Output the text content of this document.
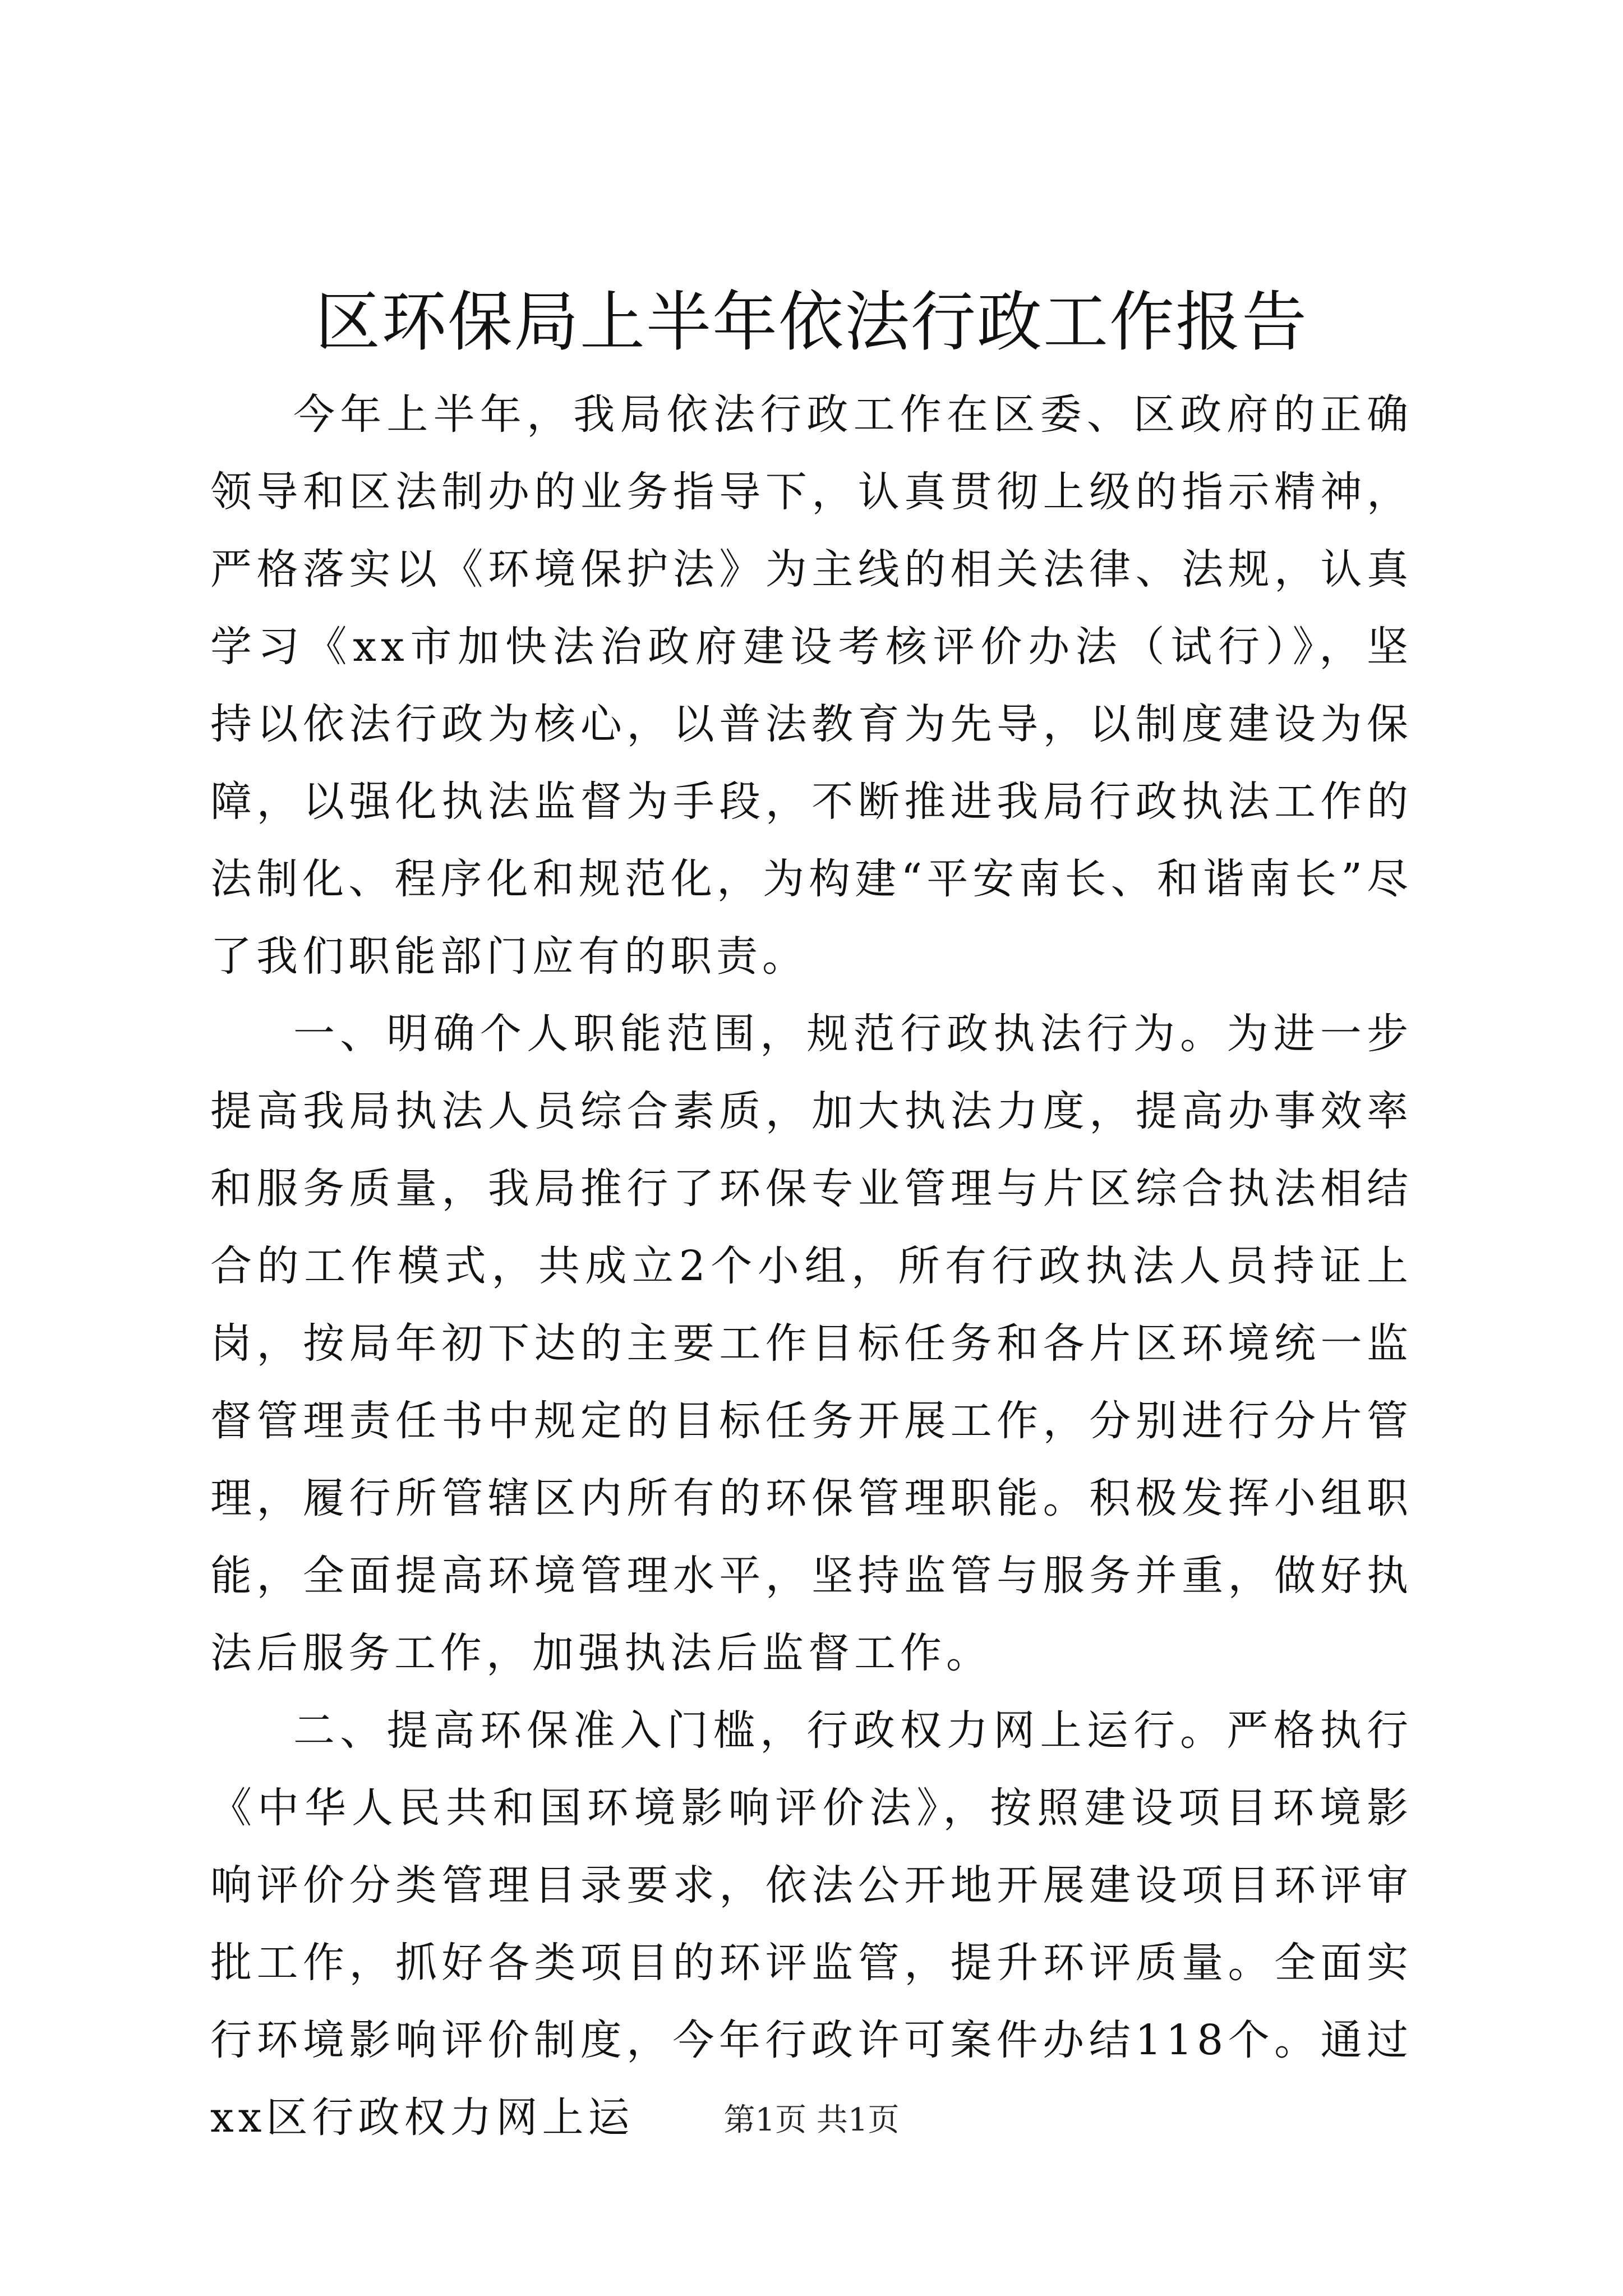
区环保局上半年依法行政工作报告

今年上半年，我局依法行政工作在区委、区政府的正确领导和区法制办的业务指导下，认真贯彻上级的指示精神，严格落实以《环境保护法》为主线的相关法律、法规，认真学习《xx市加快法治政府建设考核评价办法（试行）》，坚持以依法行政为核心，以普法教育为先导，以制度建设为保障，以强化执法监督为手段，不断推进我局行政执法工作的法制化、程序化和规范化，为构建“平安南长、和谐南长”尽了我们职能部门应有的职责。

一、明确个人职能范围，规范行政执法行为。为进一步提高我局执法人员综合素质，加大执法力度，提高办事效率和服务质量，我局推行了环保专业管理与片区综合执法相结合的工作模式，共成立2个小组，所有行政执法人员持证上岗，按局年初下达的主要工作目标任务和各片区环境统一监督管理责任书中规定的目标任务开展工作，分别进行分片管理，履行所管辖区内所有的环保管理职能。积极发挥小组职能，全面提高环境管理水平，坚持监管与服务并重，做好执法后服务工作，加强执法后监督工作。

二、提高环保准入门槛，行政权力网上运行。严格执行《中华人民共和国环境影响评价法》，按照建设项目环境影响评价分类管理目录要求，依法公开地开展建设项目环评审批工作，抓好各类项目的环评监管，提升环评质量。全面实行环境影响评价制度，今年行政许可案件办结118个。通过xx区行政权力网上运	第1页 共1页
